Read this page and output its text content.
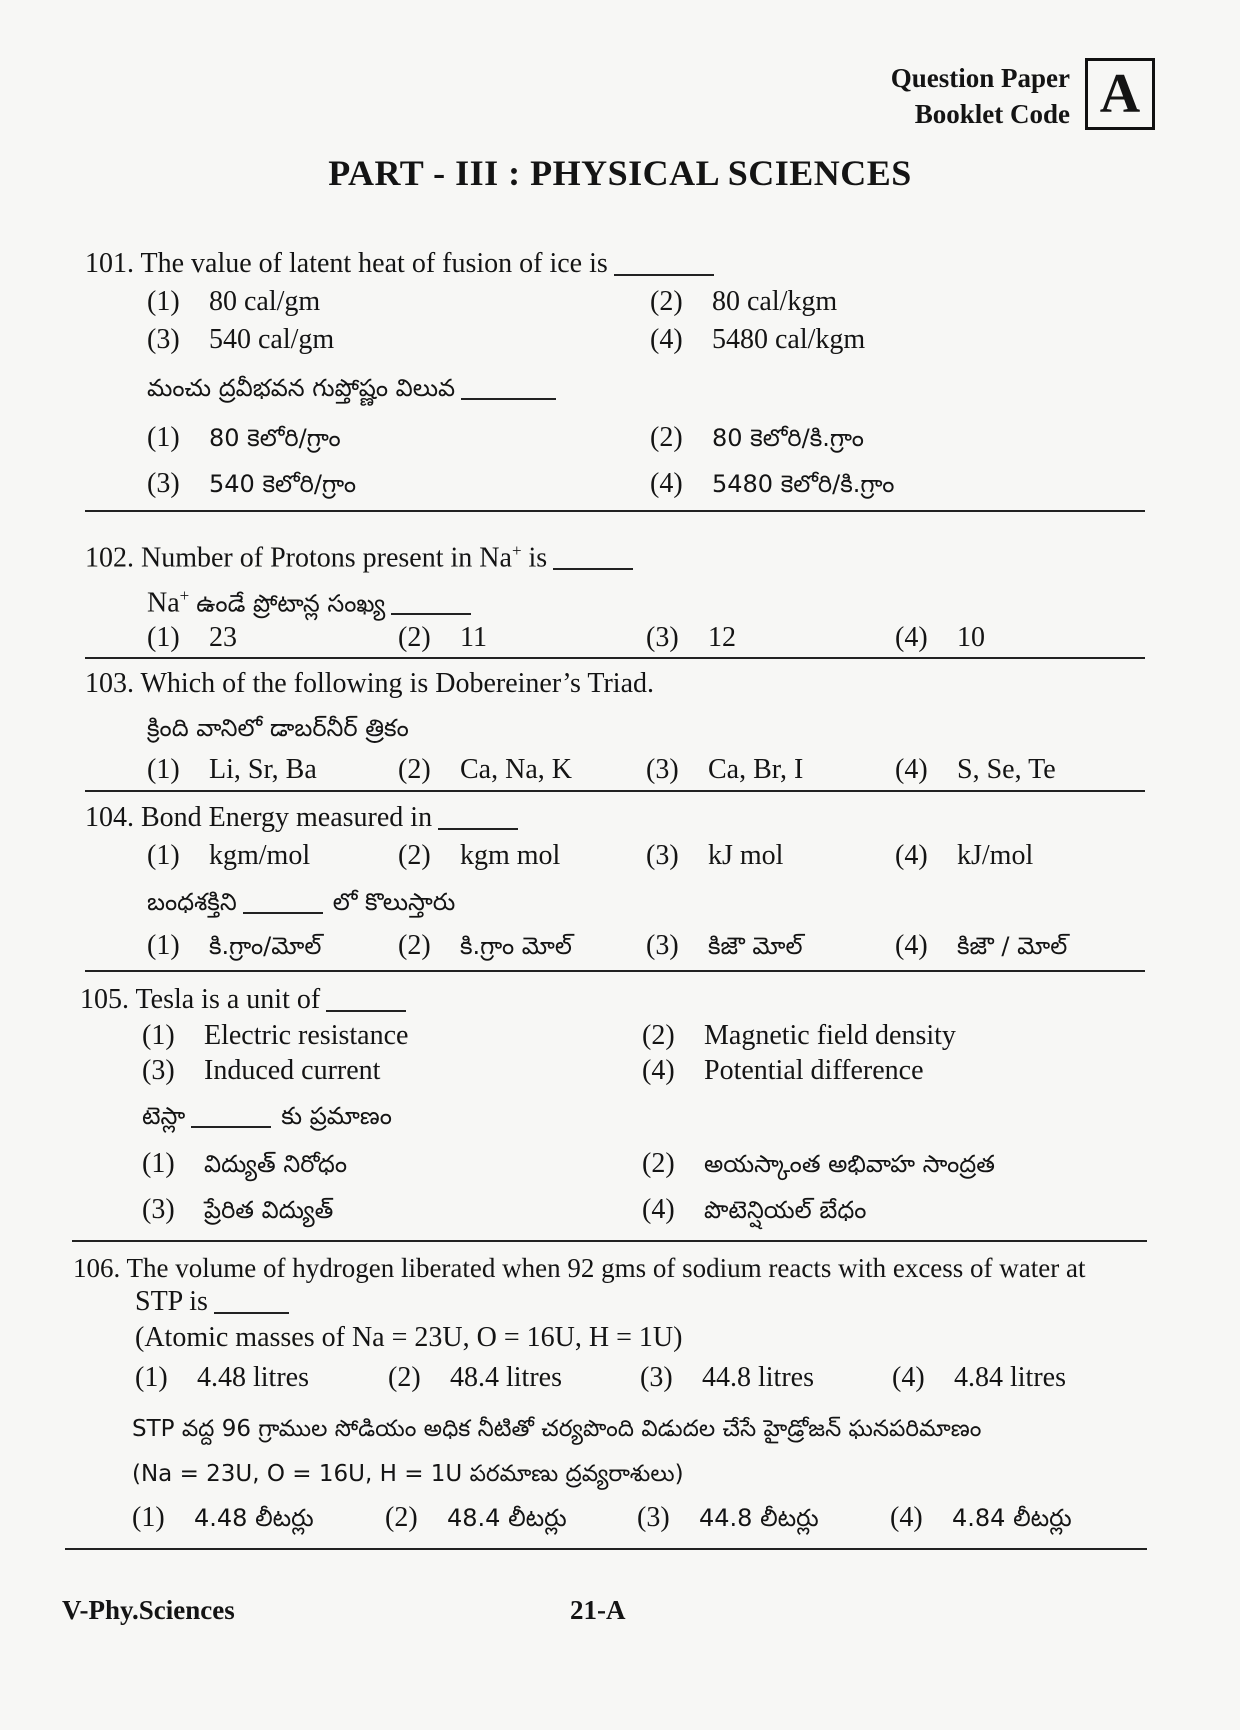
Question Paper
Booklet Code A
PART - III : PHYSICAL SCIENCES
101. The value of latent heat of fusion of ice is
(1) 80 cal/gm	(2) 80 cal/kgm
(3) 540 cal/gm	(4) 5480 cal/kgm
మంచు ద్రవీభవన గుప్తోష్ణం విలువ
(1) 80 కెలోరి/గ్రాం	(2) 80 కెలోరి/కి.గ్రాం
(3) 540 కెలోరి/గ్రాం	(4) 5480 కెలోరి/కి.గ్రాం
102. Number of Protons present in Na+ is
Na+ ఉండే ప్రోటాన్ల సంఖ్య
(1) 23	(2) 11	(3) 12	(4) 10
103. Which of the following is Dobereiner’s Triad.
క్రింది వానిలో డాబర్‌నీర్ త్రికం
(1) Li, Sr, Ba	(2) Ca, Na, K	(3) Ca, Br, I	(4) S, Se, Te
104. Bond Energy measured in
(1) kgm/mol	(2) kgm mol	(3) kJ mol	(4) kJ/mol
బంధశక్తిని	లో కొలుస్తారు
(1) కి.గ్రాం/మోల్	(2) కి.గ్రాం మోల్	(3) కిజౌ మోల్	(4) కిజౌ / మోల్
105. Tesla is a unit of
(1) Electric resistance	(2) Magnetic field density
(3) Induced current	(4) Potential difference
టెస్లా	కు ప్రమాణం
(1) విద్యుత్ నిరోధం	(2) అయస్కాంత అభివాహ సాంద్రత
(3) ప్రేరిత విద్యుత్	(4) పొటెన్షియల్ బేధం
106. The volume of hydrogen liberated when 92 gms of sodium reacts with excess of water at
STP is
(Atomic masses of Na = 23U, O = 16U, H = 1U)
(1) 4.48 litres	(2) 48.4 litres	(3) 44.8 litres	(4) 4.84 litres
STP వద్ద 96 గ్రాముల సోడియం అధిక నీటితో చర్యపొంది విడుదల చేసే హైడ్రోజన్ ఘనపరిమాణం
(Na = 23U, O = 16U, H = 1U పరమాణు ద్రవ్యరాశులు)
(1) 4.48 లీటర్లు	(2) 48.4 లీటర్లు	(3) 44.8 లీటర్లు	(4) 4.84 లీటర్లు
V-Phy.Sciences	21-A
